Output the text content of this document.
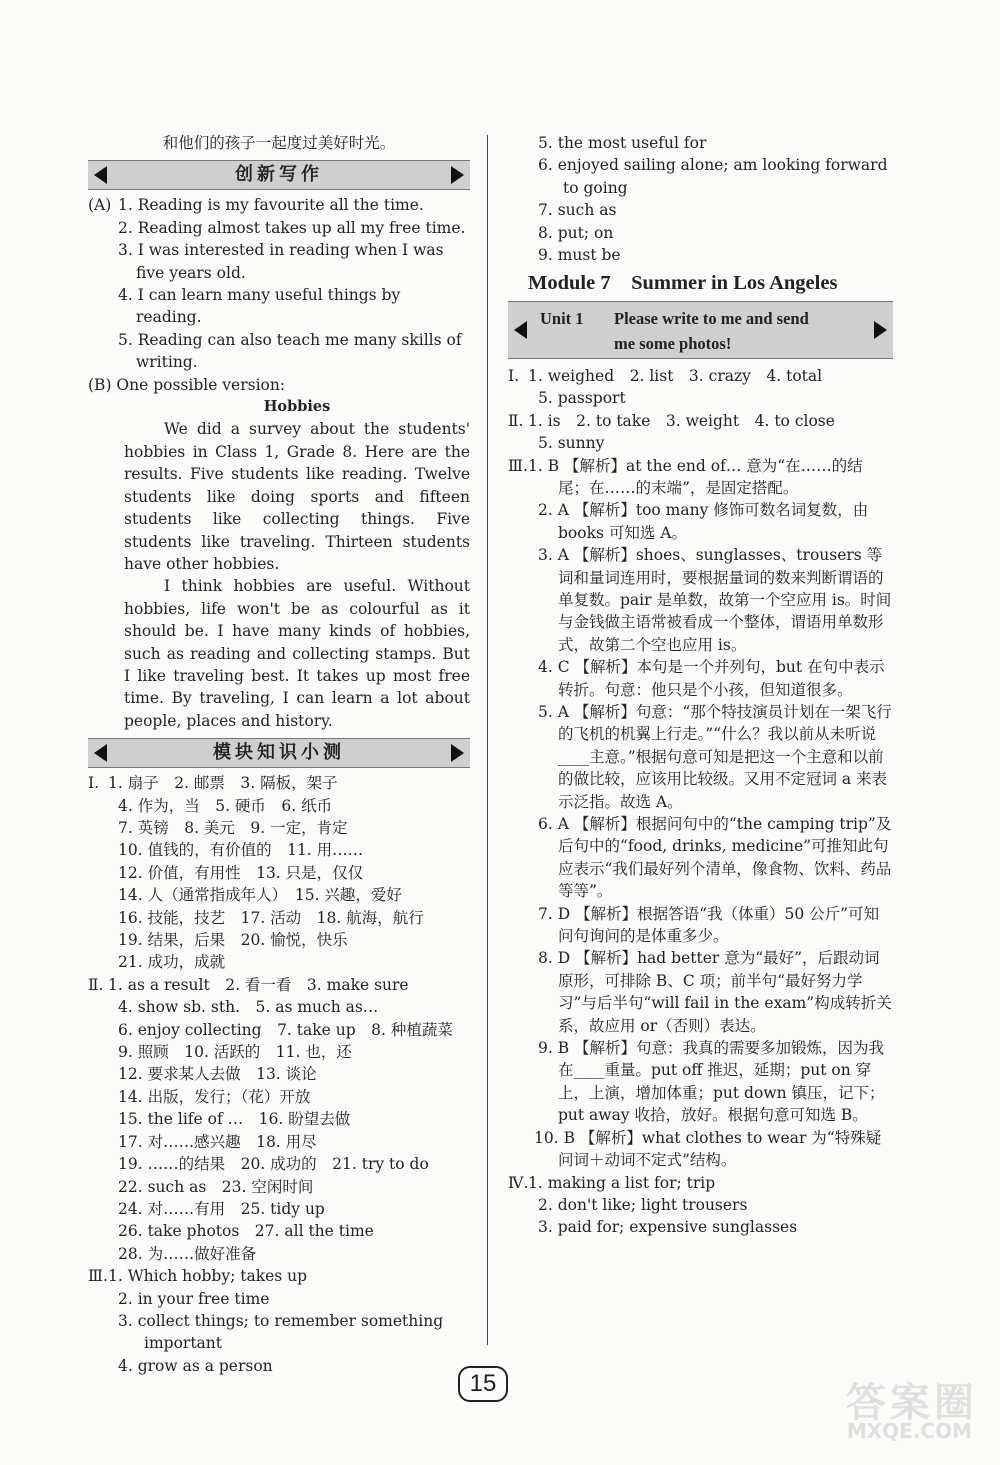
和他们的孩子一起度过美好时光。
创新写作
(A) 1. Reading is my favourite all the time.
2. Reading almost takes up all my free time.
3. I was interested in reading when I was five years old.
4. I can learn many useful things by reading.
5. Reading can also teach me many skills of writing.
(B) One possible version:
Hobbies
We did a survey about the students' hobbies in Class 1, Grade 8. Here are the results. Five students like reading. Twelve students like doing sports and fifteen students like collecting things. Five students like traveling. Thirteen students have other hobbies.
I think hobbies are useful. Without hobbies, life won't be as colourful as it should be. I have many kinds of hobbies, such as reading and collecting stamps. But I like traveling best. It takes up most free time. By traveling, I can learn a lot about people, places and history.
模块知识小测
Ⅰ. 1. 扇子　2. 邮票　3. 隔板，架子
4. 作为，当　5. 硬币　6. 纸币
7. 英镑　8. 美元　9. 一定，肯定
10. 值钱的，有价值的　11. 用……
12. 价值，有用性　13. 只是，仅仅
14. 人（通常指成年人）　15. 兴趣，爱好
16. 技能，技艺　17. 活动　18. 航海，航行
19. 结果，后果　20. 愉悦，快乐
21. 成功，成就
Ⅱ. 1. as a result　2. 看一看　3. make sure
4. show sb. sth.　5. as much as…
6. enjoy collecting　7. take up　8. 种植蔬菜
9. 照顾　10. 活跃的　11. 也，还
12. 要求某人去做　13. 谈论
14. 出版，发行；（花）开放
15. the life of …　16. 盼望去做
17. 对……感兴趣　18. 用尽
19. ……的结果　20. 成功的　21. try to do
22. such as　23. 空闲时间
24. 对……有用　25. tidy up
26. take photos　27. all the time
28. 为……做好准备
Ⅲ. 1. Which hobby; takes up
2. in your free time
3. collect things; to remember something important
4. grow as a person
5. the most useful for
6. enjoyed sailing alone; am looking forward to going
7. such as
8. put; on
9. must be
Module 7　Summer in Los Angeles
Unit 1 Please write to me and send
me some photos!
Ⅰ. 1. weighed　2. list　3. crazy　4. total
5. passport
Ⅱ. 1. is　2. to take　3. weight　4. to close
5. sunny
Ⅲ. 1. B 【解析】at the end of… 意为“在……的结尾；在……的末端”，是固定搭配。
2. A 【解析】too many 修饰可数名词复数，由 books 可知选 A。
3. A 【解析】shoes、sunglasses、trousers 等词和量词连用时，要根据量词的数来判断谓语的单复数。pair 是单数，故第一个空应用 is。时间与金钱做主语常被看成一个整体，谓语用单数形式，故第二个空也应用 is。
4. C 【解析】本句是一个并列句，but 在句中表示转折。句意：他只是个小孩，但知道很多。
5. A 【解析】句意：“那个特技演员计划在一架飞行的飞机的机翼上行走。”“什么？我以前从未听说____主意。”根据句意可知是把这一个主意和以前的做比较，应该用比较级。又用不定冠词 a 来表示泛指。故选 A。
6. A 【解析】根据问句中的“the camping trip”及后句中的“food, drinks, medicine”可推知此句应表示“我们最好列个清单，像食物、饮料、药品等等”。
7. D 【解析】根据答语“我（体重）50 公斤”可知问句询问的是体重多少。
8. D 【解析】had better 意为“最好”，后跟动词原形，可排除 B、C 项；前半句“最好努力学习”与后半句“will fail in the exam”构成转折关系，故应用 or（否则）表达。
9. B 【解析】句意：我真的需要多加锻炼，因为我在____重量。put off 推迟，延期；put on 穿上，上演，增加体重；put down 镇压，记下；put away 收拾，放好。根据句意可知选 B。
10. B 【解析】what clothes to wear 为“特殊疑问词＋动词不定式”结构。
Ⅳ. 1. making a list for; trip
2. don't like; light trousers
3. paid for; expensive sunglasses
15	答案圈
MXQE.COM
